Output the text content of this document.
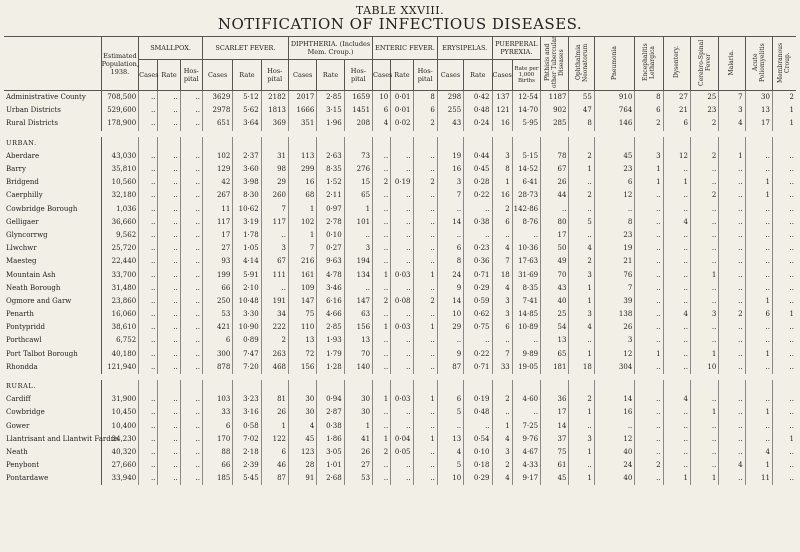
TABLE XXVIII.
NOTIFICATION OF INFECTIOUS DISEASES.
	Estimated Population, 1938.	SMALLPOX.			SCARLET FEVER.			DIPHTHERIA. (Includes Mem. Croup.)			ENTERIC FEVER.			ERYSIPELAS.		PUERPERAL PYREXIA.		Phthisis and other Tubercular Diseases	Ophthalmia Neonatorum	Pneumonia	Encephalitis Lethargica	Dysentery.	Cerebro-Spinal Fever	Malaria.	Acute Poliomyelitis	Membranous Croup.
		Cases	Rate	Hos-pital	Cases	Rate	Hos-pital	Cases	Rate	Hos-pital	Cases	Rate	Hos-pital	Cases	Rate	Cases	Rate per 1,000 Births									
Administrative County	708,500	..	..	..	3629	5·12	2182	2017	2·85	1659	10	0·01	8	298	0·42	137	12·54	1187	55	910	8	27	25	7	30	2
Urban Districts	529,600	..	..	..	2978	5·62	1813	1666	3·15	1451	6	0·01	6	255	0·48	121	14·70	902	47	764	6	21	23	3	13	1
Rural Districts	178,900	..	..	..	651	3·64	369	351	1·96	208	4	0·02	2	43	0·24	16	5·95	285	8	146	2	6	2	4	17	1

URBAN.																										
Aberdare	43,030	..	..	..	102	2·37	31	113	2·63	73	..	..	..	19	0·44	3	5·15	78	2	45	3	12	2	1	..	..
Barry	35,810	..	..	..	129	3·60	98	299	8·35	276	..	..	..	16	0·45	8	14·52	67	1	23	1	..	..	..	..	..
Bridgend	10,560	..	..	..	42	3·98	29	16	1·52	15	2	0·19	2	3	0·28	1	6·41	26	..	6	1	1	..	..	1	..
Caerphilly	32,180	..	..	..	267	8·30	260	68	2·11	65	..	..	..	7	0·22	16	28·73	44	2	12	..	..	2	..	1	..
Cowbridge Borough	1,036	..	..	..	11	10·62	7	1	0·97	1	..	..	..	..	..	2	142·86	..	..	..	..	..	..	..	..	..
Gelligaer	36,660	..	..	..	117	3·19	117	102	2·78	101	..	..	..	14	0·38	6	8·76	80	5	8	..	4	..	..	..	..
Glyncorrwg	9,562	..	..	..	17	1·78	..	1	0·10	..	..	..	..	..	..	..	..	17	..	23	..	..	..	..	..	..
Llwchwr	25,720	..	..	..	27	1·05	3	7	0·27	3	..	..	..	6	0·23	4	10·36	50	4	19	..	..	..	..	..	..
Maesteg	22,440	..	..	..	93	4·14	67	216	9·63	194	..	..	..	8	0·36	7	17·63	49	2	21	..	..	..	..	..	..
Mountain Ash	33,700	..	..	..	199	5·91	111	161	4·78	134	1	0·03	1	24	0·71	18	31·69	70	3	76	..	..	1	..	..	..
Neath Borough	31,480	..	..	..	66	2·10	..	109	3·46	..	..	..	..	9	0·29	4	8·35	43	1	7	..	..	..	..	..	..
Ogmore and Garw	23,860	..	..	..	250	10·48	191	147	6·16	147	2	0·08	2	14	0·59	3	7·41	40	1	39	..	..	..	..	1	..
Penarth	16,060	..	..	..	53	3·30	34	75	4·66	63	..	..	..	10	0·62	3	14·85	25	3	138	..	4	3	2	6	1
Pontypridd	38,610	..	..	..	421	10·90	222	110	2·85	156	1	0·03	1	29	0·75	6	10·89	54	4	26	..	..	..	..	..	..
Porthcawl	6,752	..	..	..	6	0·89	2	13	1·93	13	..	..	..	..	..	..	..	13	..	3	..	..	..	..	..	..
Port Talbot Borough	40,180	..	..	..	300	7·47	263	72	1·79	70	..	..	..	9	0·22	7	9·89	65	1	12	1	..	1	..	1	..
Rhondda	121,940	..	..	..	878	7·20	468	156	1·28	140	..	..	..	87	0·71	33	19·05	181	18	304	..	..	10	..	..	..

RURAL.																										
Cardiff	31,900	..	..	..	103	3·23	81	30	0·94	30	1	0·03	1	6	0·19	2	4·60	36	2	14	..	4	..	..	..	..
Cowbridge	10,450	..	..	..	33	3·16	26	30	2·87	30	..	..	..	5	0·48	..	..	17	1	16	..	..	1	..	1	..
Gower	10,400	..	..	..	6	0·58	1	4	0·38	1	..	..	..	..	..	1	7·25	14	..	..	..	..	..	..	..	..
Llantrisant and Llantwit Fardre	24,230	..	..	..	170	7·02	122	45	1·86	41	1	0·04	1	13	0·54	4	9·76	37	3	12	..	..	..	..	..	1
Neath	40,320	..	..	..	88	2·18	6	123	3·05	26	2	0·05	..	4	0·10	3	4·67	75	1	40	..	..	..	..	4	..
Penybont	27,660	..	..	..	66	2·39	46	28	1·01	27	..	..	..	5	0·18	2	4·33	61	..	24	2	..	..	4	1	..
Pontardawe	33,940	..	..	..	185	5·45	87	91	2·68	53	..	..	..	10	0·29	4	9·17	45	1	40	..	1	1	..	11	..
